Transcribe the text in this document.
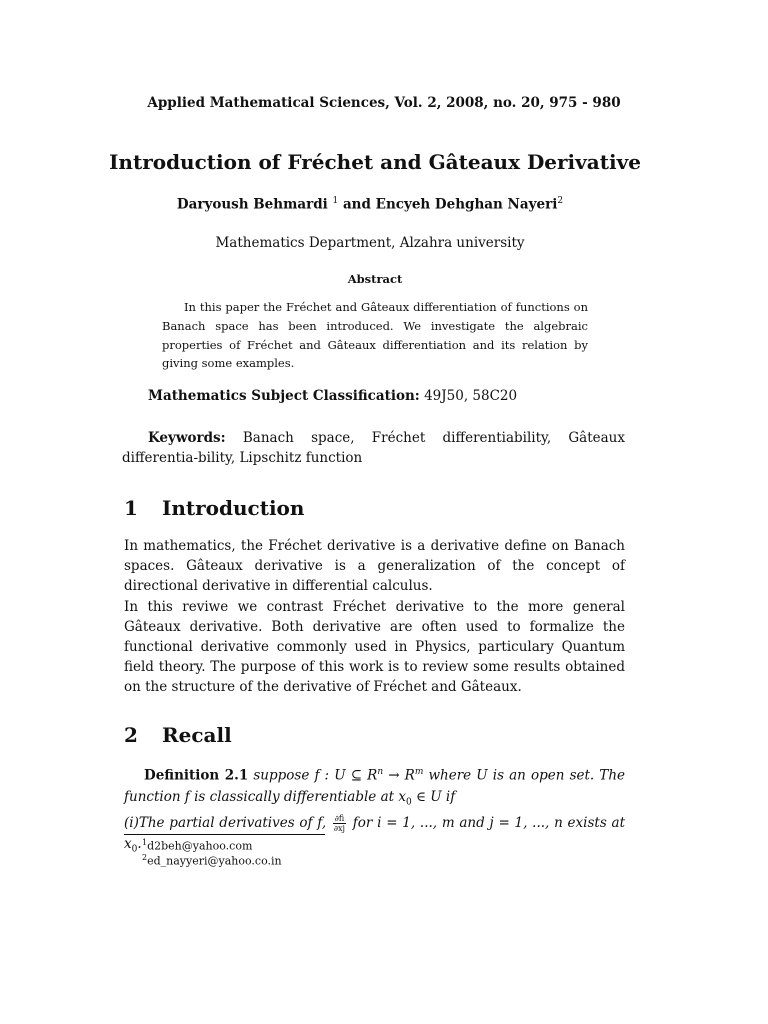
Applied Mathematical Sciences, Vol. 2, 2008, no. 20, 975 - 980
Introduction of Fréchet and Gâteaux Derivative
Daryoush Behmardi $^1$ and Encyeh Dehghan Nayeri$^2$
Mathematics Department, Alzahra university
Abstract
In this paper the Fréchet and Gâteaux differentiation of functions on Banach space has been introduced. We investigate the algebraic properties of Fréchet and Gâteaux differentiation and its relation by giving some examples.
Mathematics Subject Classification: 49J50, 58C20
Keywords: Banach space, Fréchet differentiability, Gâteaux differentia-bility, Lipschitz function
1 Introduction
In mathematics, the Fréchet derivative is a derivative define on Banach spaces. Gâteaux derivative is a generalization of the concept of directional derivative in differential calculus.
In this reviwe we contrast Fréchet derivative to the more general Gâteaux derivative. Both derivative are often used to formalize the functional derivative commonly used in Physics, particulary Quantum field theory. The purpose of this work is to review some results obtained on the structure of the derivative of Fréchet and Gâteaux.
2 Recall
Definition 2.1 suppose f : U ⊆ $R^n \to R^m$ where U is an open set. The function f is classically differentiable at $x_0$ ∈ U if
(i)The partial derivatives of f, $\frac{\partial fi}{\partial xj}$ for i = 1, ..., m and j = 1, ..., n exists at $x_0$. $^1$d2beh@yahoo.com
$^2$ed_nayyeri@yahoo.co.in
